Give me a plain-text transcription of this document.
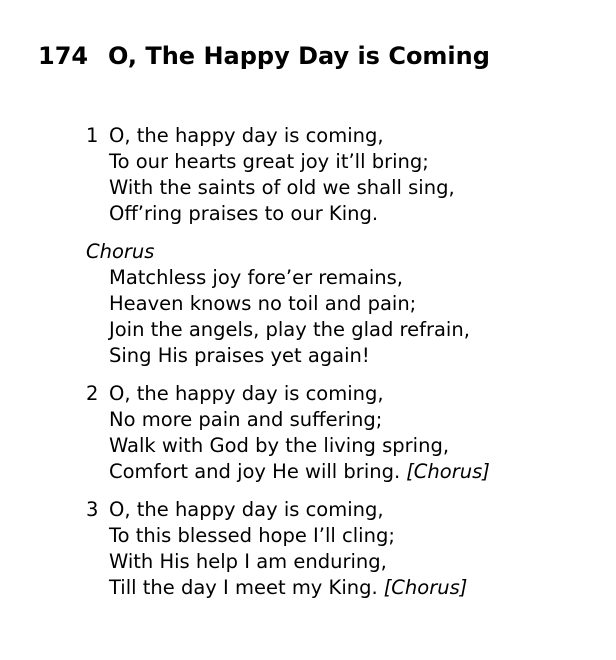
174 O, The Happy Day is Coming
1 O, the happy day is coming,
To our hearts great joy it’ll bring;
With the saints of old we shall sing,
Off’ring praises to our King.
Chorus
Matchless joy fore’er remains,
Heaven knows no toil and pain;
Join the angels, play the glad refrain,
Sing His praises yet again!
2 O, the happy day is coming,
No more pain and suffering;
Walk with God by the living spring,
Comfort and joy He will bring. [Chorus]
3 O, the happy day is coming,
To this blessed hope I’ll cling;
With His help I am enduring,
Till the day I meet my King. [Chorus]
